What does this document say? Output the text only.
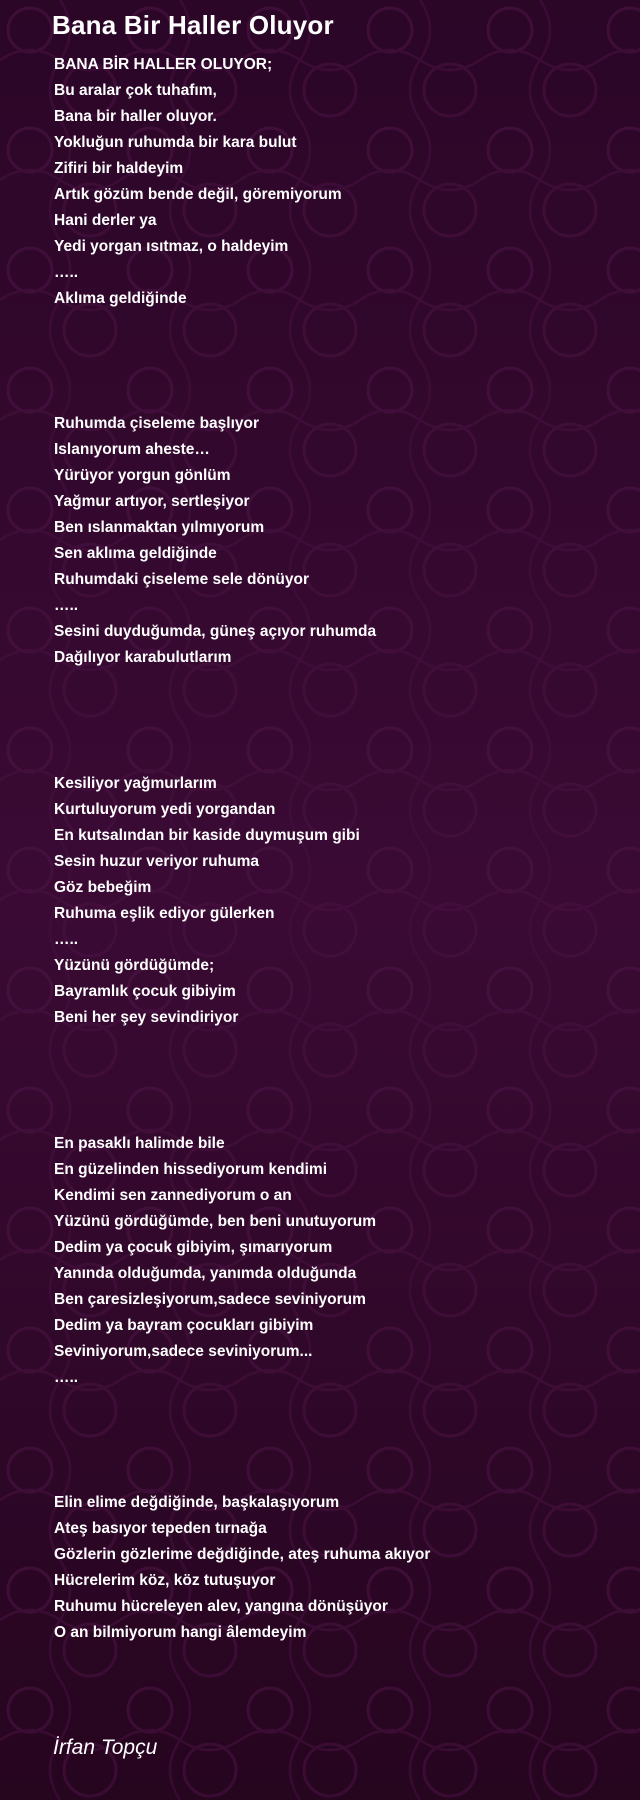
Bana Bir Haller Oluyor
BANA BİR HALLER OLUYOR;
Bu aralar çok tuhafım,
Bana bir haller oluyor.
Yokluğun ruhumda bir kara bulut
Zifiri bir haldeyim
Artık gözüm bende değil, göremiyorum
Hani derler ya
Yedi yorgan ısıtmaz, o haldeyim
…..
Aklıma geldiğinde
Ruhumda çiseleme başlıyor
Islanıyorum aheste…
Yürüyor yorgun gönlüm
Yağmur artıyor, sertleşiyor
Ben ıslanmaktan yılmıyorum
Sen aklıma geldiğinde
Ruhumdaki çiseleme sele dönüyor
…..
Sesini duyduğumda, güneş açıyor ruhumda
Dağılıyor karabulutlarım
Kesiliyor yağmurlarım
Kurtuluyorum yedi yorgandan
En kutsalından bir kaside duymuşum gibi
Sesin huzur veriyor ruhuma
Göz bebeğim
Ruhuma eşlik ediyor gülerken
…..
Yüzünü gördüğümde;
Bayramlık çocuk gibiyim
Beni her şey sevindiriyor
En pasaklı halimde bile
En güzelinden hissediyorum kendimi
Kendimi sen zannediyorum o an
Yüzünü gördüğümde, ben beni unutuyorum
Dedim ya çocuk gibiyim, şımarıyorum
Yanında olduğumda, yanımda olduğunda
Ben çaresizleşiyorum,sadece seviniyorum
Dedim ya bayram çocukları gibiyim
Seviniyorum,sadece seviniyorum...
…..
Elin elime değdiğinde, başkalaşıyorum
Ateş basıyor tepeden tırnağa
Gözlerin gözlerime değdiğinde, ateş ruhuma akıyor
Hücrelerim köz, köz tutuşuyor
Ruhumu hücreleyen alev, yangına dönüşüyor
O an bilmiyorum hangi âlemdeyim
İrfan Topçu
